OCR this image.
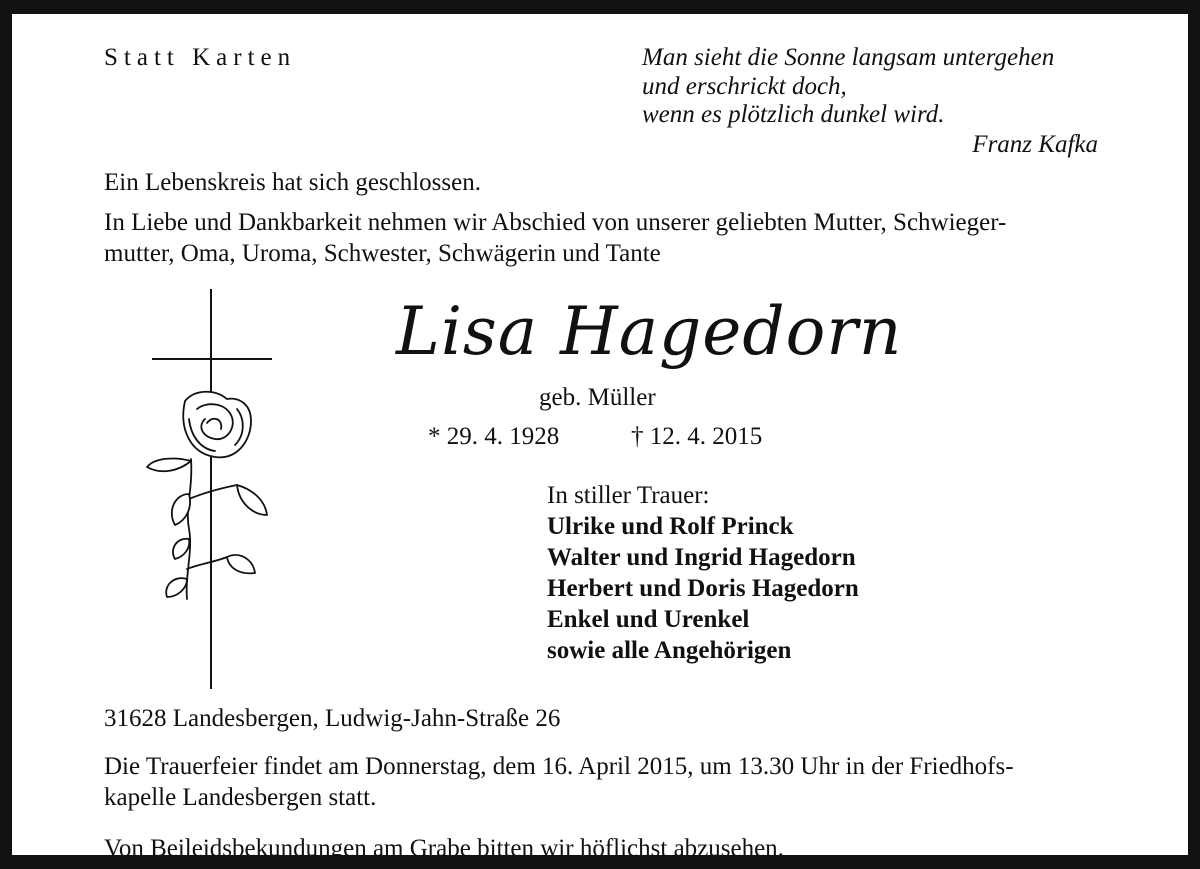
Statt Karten	Man sieht die Sonne langsam untergehen
und erschrickt doch,
wenn es plötzlich dunkel wird.
Franz Kafka
Ein Lebenskreis hat sich geschlossen.
In Liebe und Dankbarkeit nehmen wir Abschied von unserer geliebten Mutter, Schwieger-
mutter, Oma, Uroma, Schwester, Schwägerin und Tante
Lisa Hagedorn
geb. Müller
* 29. 4. 1928	† 12. 4. 2015
In stiller Trauer:
Ulrike und Rolf Princk
Walter und Ingrid Hagedorn
Herbert und Doris Hagedorn
Enkel und Urenkel
sowie alle Angehörigen
31628 Landesbergen, Ludwig-Jahn-Straße 26
Die Trauerfeier findet am Donnerstag, dem 16. April 2015, um 13.30 Uhr in der Friedhofs-
kapelle Landesbergen statt.
Von Beileidsbekundungen am Grabe bitten wir höflichst abzusehen.
